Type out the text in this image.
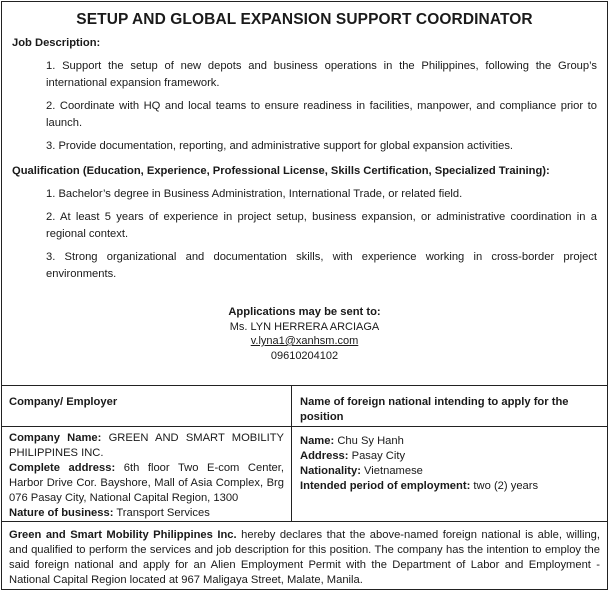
SETUP AND GLOBAL EXPANSION SUPPORT COORDINATOR
Job Description:
1. Support the setup of new depots and business operations in the Philippines, following the Group’s international expansion framework.
2. Coordinate with HQ and local teams to ensure readiness in facilities, manpower, and compliance prior to launch.
3. Provide documentation, reporting, and administrative support for global expansion activities.
Qualification (Education, Experience, Professional License, Skills Certification, Specialized Training):
1. Bachelor’s degree in Business Administration, International Trade, or related field.
2. At least 5 years of experience in project setup, business expansion, or administrative coordination in a regional context.
3. Strong organizational and documentation skills, with experience working in cross-border project environments.
Applications may be sent to:
Ms. LYN HERRERA ARCIAGA
v.lyna1@xanhsm.com
09610204102
Company/ Employer	Name of foreign national intending to apply for the position
Company Name: GREEN AND SMART MOBILITY PHILIPPINES INC.
Complete address: 6th floor Two E-com Center, Harbor Drive Cor. Bayshore, Mall of Asia Complex, Brg 076 Pasay City, National Capital Region, 1300
Nature of business: Transport Services
Name: Chu Sy Hanh
Address: Pasay City
Nationality: Vietnamese
Intended period of employment: two (2) years
Green and Smart Mobility Philippines Inc. hereby declares that the above-named foreign national is able, willing, and qualified to perform the services and job description for this position. The company has the intention to employ the said foreign national and apply for an Alien Employment Permit with the Department of Labor and Employment -National Capital Region located at 967 Maligaya Street, Malate, Manila.
